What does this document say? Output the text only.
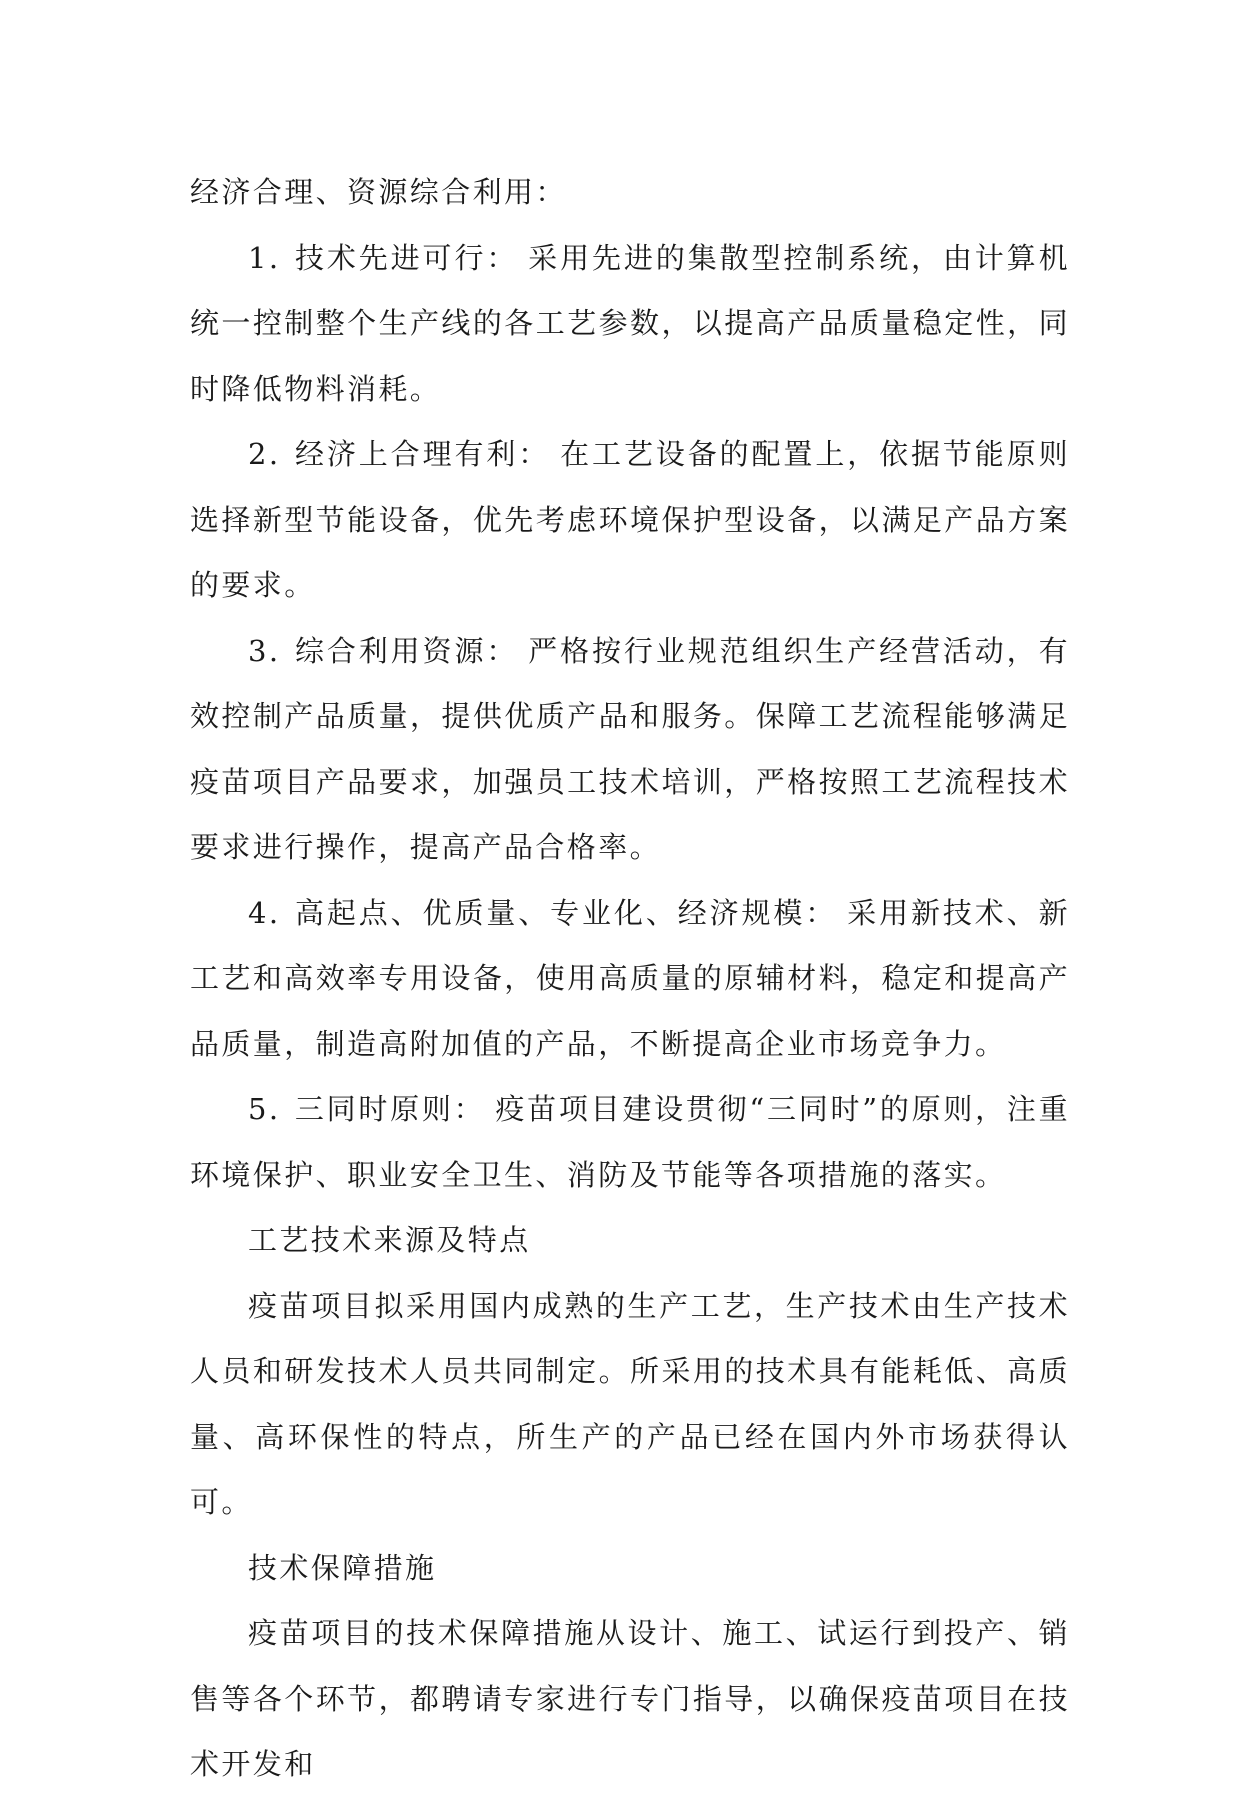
经济合理、资源综合利用：

1. 技术先进可行： 采用先进的集散型控制系统，由计算机统一控制整个生产线的各工艺参数，以提高产品质量稳定性，同时降低物料消耗。

2. 经济上合理有利： 在工艺设备的配置上，依据节能原则选择新型节能设备，优先考虑环境保护型设备，以满足产品方案的要求。

3. 综合利用资源： 严格按行业规范组织生产经营活动，有效控制产品质量，提供优质产品和服务。保障工艺流程能够满足疫苗项目产品要求，加强员工技术培训，严格按照工艺流程技术要求进行操作，提高产品合格率。

4. 高起点、优质量、专业化、经济规模： 采用新技术、新工艺和高效率专用设备，使用高质量的原辅材料，稳定和提高产品质量，制造高附加值的产品，不断提高企业市场竞争力。

5. 三同时原则： 疫苗项目建设贯彻“三同时”的原则，注重环境保护、职业安全卫生、消防及节能等各项措施的落实。

工艺技术来源及特点

疫苗项目拟采用国内成熟的生产工艺，生产技术由生产技术人员和研发技术人员共同制定。所采用的技术具有能耗低、高质量、高环保性的特点，所生产的产品已经在国内外市场获得认可。

技术保障措施

疫苗项目的技术保障措施从设计、施工、试运行到投产、销售等各个环节，都聘请专家进行专门指导，以确保疫苗项目在技术开发和
